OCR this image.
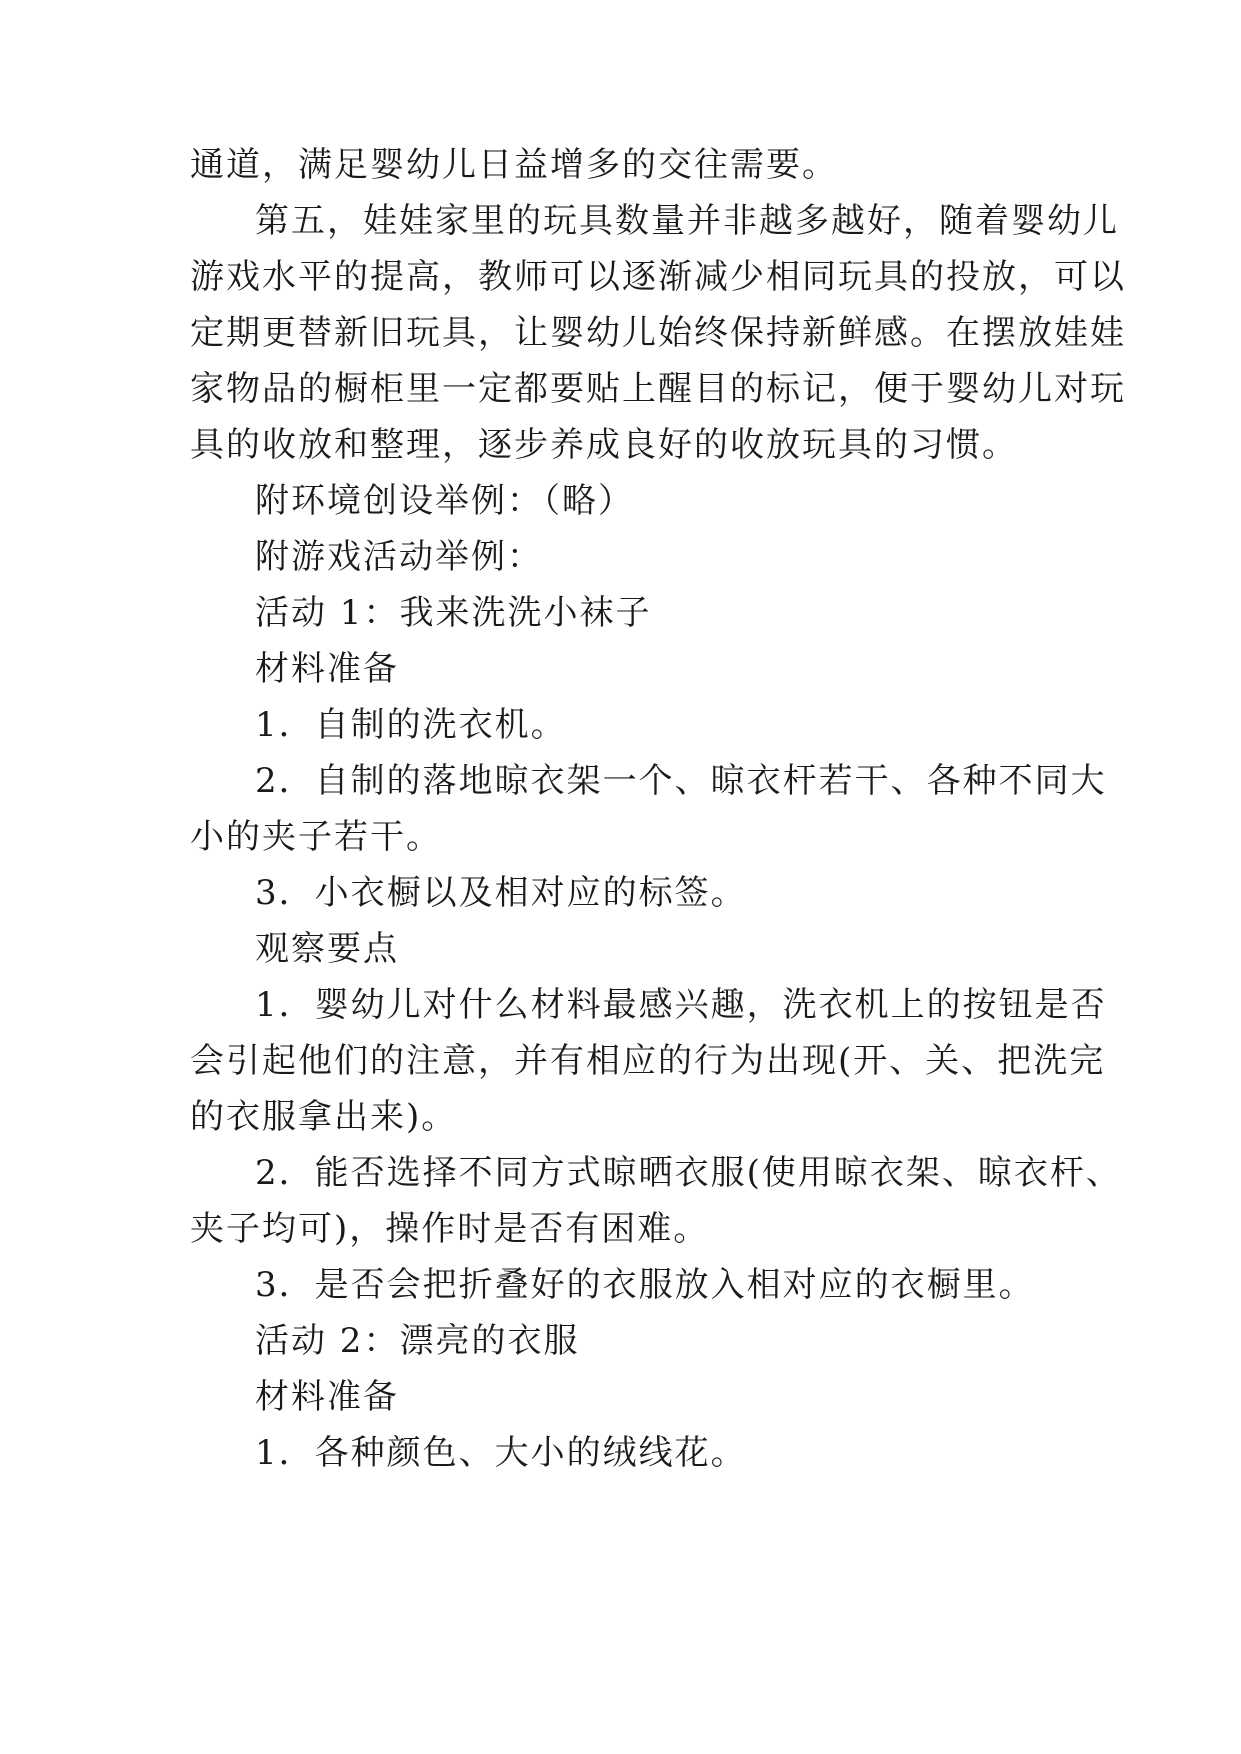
通道，满足婴幼儿日益增多的交往需要。
第五，娃娃家里的玩具数量并非越多越好，随着婴幼儿
游戏水平的提高，教师可以逐渐减少相同玩具的投放，可以
定期更替新旧玩具，让婴幼儿始终保持新鲜感。在摆放娃娃
家物品的橱柜里一定都要贴上醒目的标记，便于婴幼儿对玩
具的收放和整理，逐步养成良好的收放玩具的习惯。
附环境创设举例：（略）
附游戏活动举例：
活动 1：我来洗洗小袜子
材料准备
1．自制的洗衣机。
2．自制的落地晾衣架一个、晾衣杆若干、各种不同大
小的夹子若干。
3．小衣橱以及相对应的标签。
观察要点
1．婴幼儿对什么材料最感兴趣，洗衣机上的按钮是否
会引起他们的注意，并有相应的行为出现(开、关、把洗完
的衣服拿出来)。
2．能否选择不同方式晾晒衣服(使用晾衣架、晾衣杆、
夹子均可)，操作时是否有困难。
3．是否会把折叠好的衣服放入相对应的衣橱里。
活动 2：漂亮的衣服
材料准备
1．各种颜色、大小的绒线花。
